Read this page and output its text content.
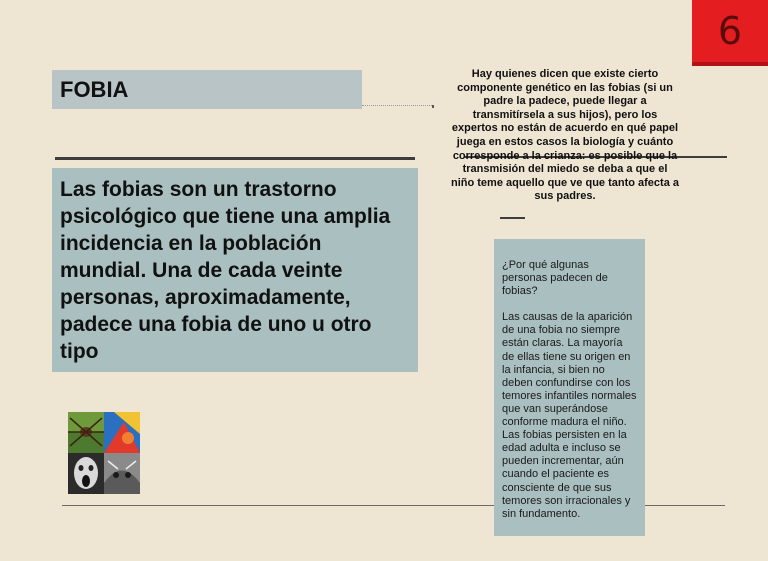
6
FOBIA
Las fobias son un trastorno psicológico que tiene una amplia incidencia en la población mundial. Una de cada veinte personas, aproximadamente, padece una fobia de uno u otro tipo
Hay quienes dicen que existe cierto componente genético en las fobias (si un padre la padece, puede llegar a transmitírsela a sus hijos), pero los expertos no están de acuerdo en qué papel juega en estos casos la biología y cuánto corresponde a la crianza: es posible que la transmisión del miedo se deba a que el niño teme aquello que ve que tanto afecta a sus padres.

¿Por qué algunas personas padecen de fobias?

Las causas de la aparición de una fobia no siempre están claras. La mayoría de ellas tiene su origen en la infancia, si bien no deben confundirse con los temores infantiles normales que van superándose conforme madura el niño. Las fobias persisten en la edad adulta e incluso se pueden incrementar, aún cuando el paciente es consciente de que sus temores son irracionales y sin fundamento.
